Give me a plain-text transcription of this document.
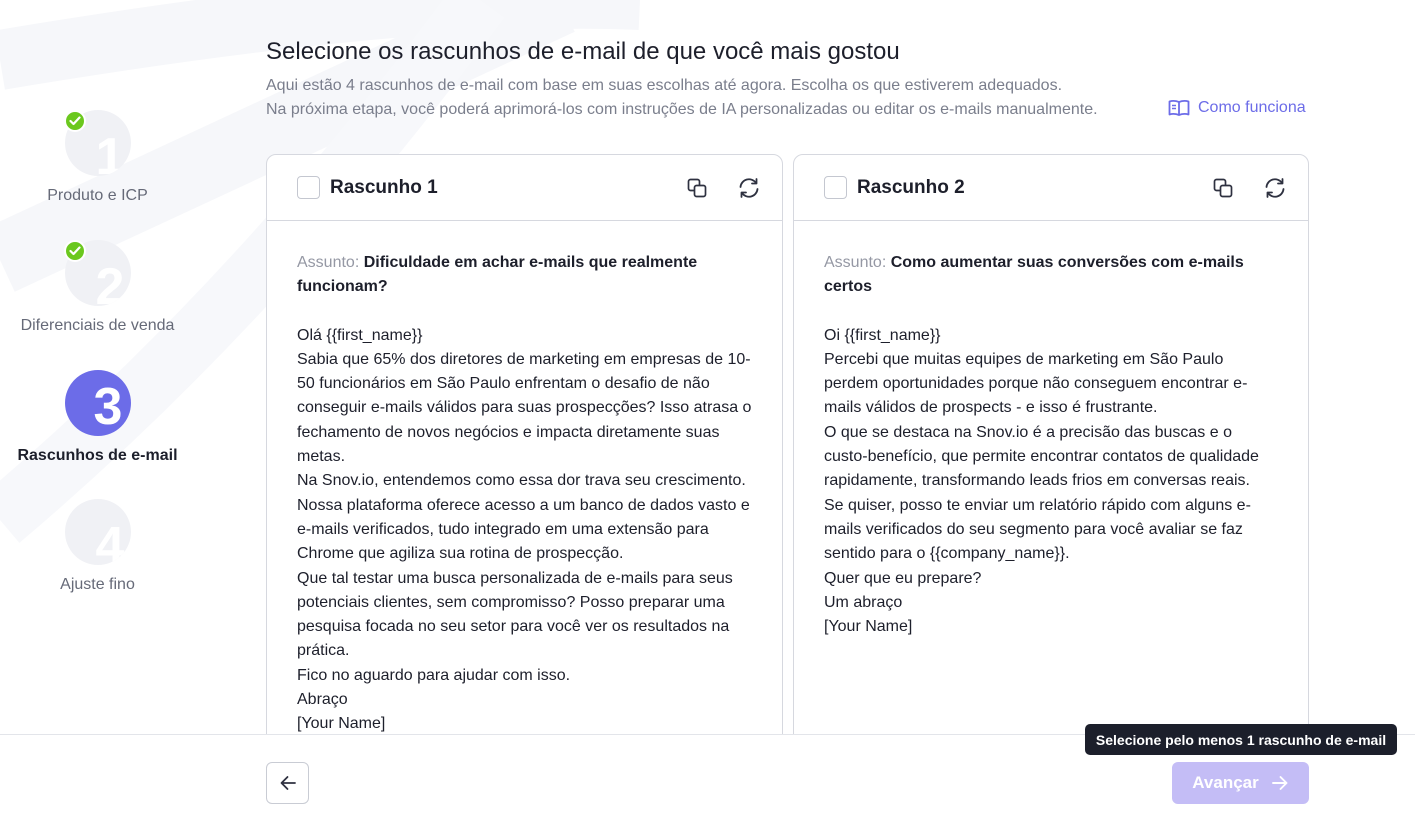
1
Produto e ICP
2
Diferenciais de venda
3
Rascunhos de e-mail
4
Ajuste fino
Selecione os rascunhos de e-mail de que você mais gostou
Aqui estão 4 rascunhos de e-mail com base em suas escolhas até agora. Escolha os que estiverem adequados.
Na próxima etapa, você poderá aprimorá-los com instruções de IA personalizadas ou editar os e-mails manualmente.	Como funciona
Rascunho 1
Assunto: Dificuldade em achar e-mails que realmente funcionam?
Olá {{first_name}}
Sabia que 65% dos diretores de marketing em empresas de 10-50 funcionários em São Paulo enfrentam o desafio de não conseguir e-mails válidos para suas prospecções? Isso atrasa o fechamento de novos negócios e impacta diretamente suas metas.
Na Snov.io, entendemos como essa dor trava seu crescimento. Nossa plataforma oferece acesso a um banco de dados vasto e e-mails verificados, tudo integrado em uma extensão para Chrome que agiliza sua rotina de prospecção.
Que tal testar uma busca personalizada de e-mails para seus potenciais clientes, sem compromisso? Posso preparar uma pesquisa focada no seu setor para você ver os resultados na prática.
Fico no aguardo para ajudar com isso.
Abraço
[Your Name]
Rascunho 2
Assunto: Como aumentar suas conversões com e-mails certos
Oi {{first_name}}
Percebi que muitas equipes de marketing em São Paulo perdem oportunidades porque não conseguem encontrar e-mails válidos de prospects - e isso é frustrante.
O que se destaca na Snov.io é a precisão das buscas e o custo-benefício, que permite encontrar contatos de qualidade rapidamente, transformando leads frios em conversas reais.
Se quiser, posso te enviar um relatório rápido com alguns e-mails verificados do seu segmento para você avaliar se faz sentido para o {{company_name}}.
Quer que eu prepare?
Um abraço
[Your Name]
Avançar
Selecione pelo menos 1 rascunho de e-mail
